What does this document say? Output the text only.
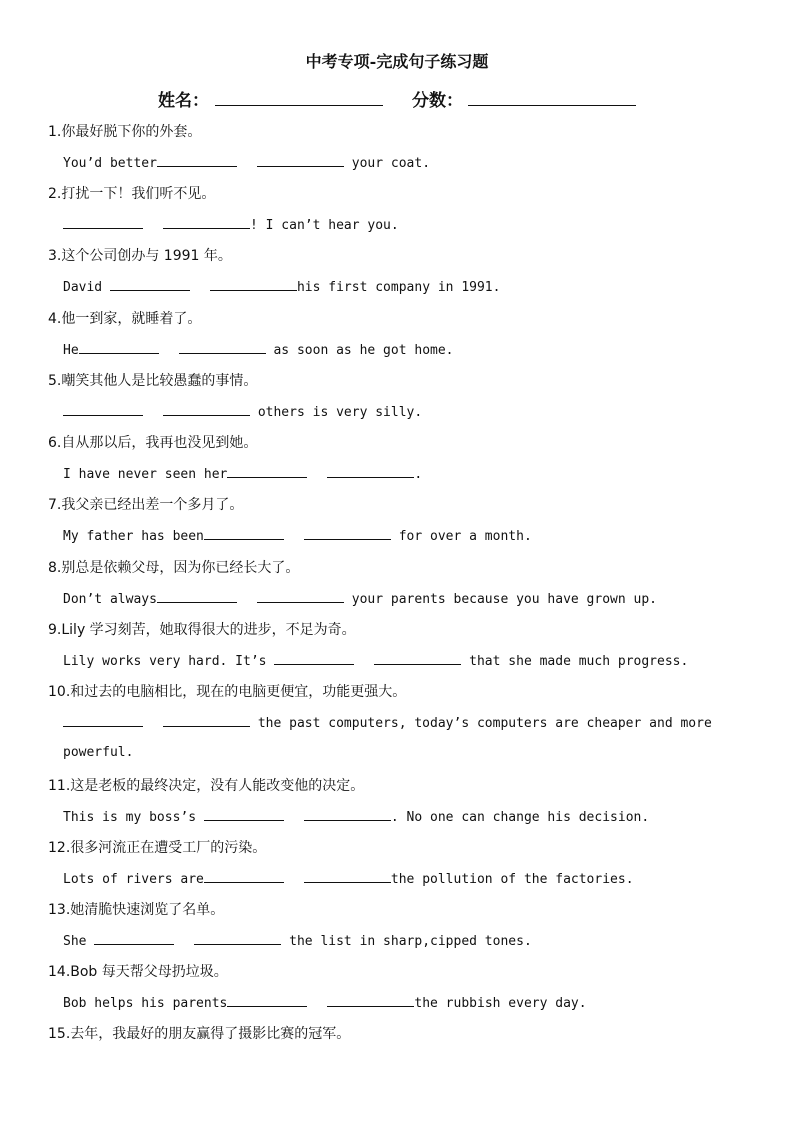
中考专项-完成句子练习题
姓名：	分数：
1.你最好脱下你的外套。
You’d better	your coat.
2.打扰一下！我们听不见。
! I can’t hear you.
3.这个公司创办与 1991 年。
David	his first company in 1991.
4.他一到家，就睡着了。
He	as soon as he got home.
5.嘲笑其他人是比较愚蠢的事情。
others is very silly.
6.自从那以后，我再也没见到她。
I have never seen her	.
7.我父亲已经出差一个多月了。
My father has been	for over a month.
8.别总是依赖父母，因为你已经长大了。
Don’t always	your parents because you have grown up.
9.Lily 学习刻苦，她取得很大的进步，不足为奇。
Lily works very hard. It’s	that she made much progress.
10.和过去的电脑相比，现在的电脑更便宜，功能更强大。
the past computers, today’s computers are cheaper and more
powerful.
11.这是老板的最终决定，没有人能改变他的决定。
This is my boss’s	. No one can change his decision.
12.很多河流正在遭受工厂的污染。
Lots of rivers are	the pollution of the factories.
13.她清脆快速浏览了名单。
She	the list in sharp,cipped tones.
14.Bob 每天帮父母扔垃圾。
Bob helps his parents	the rubbish every day.
15.去年，我最好的朋友赢得了摄影比赛的冠军。
